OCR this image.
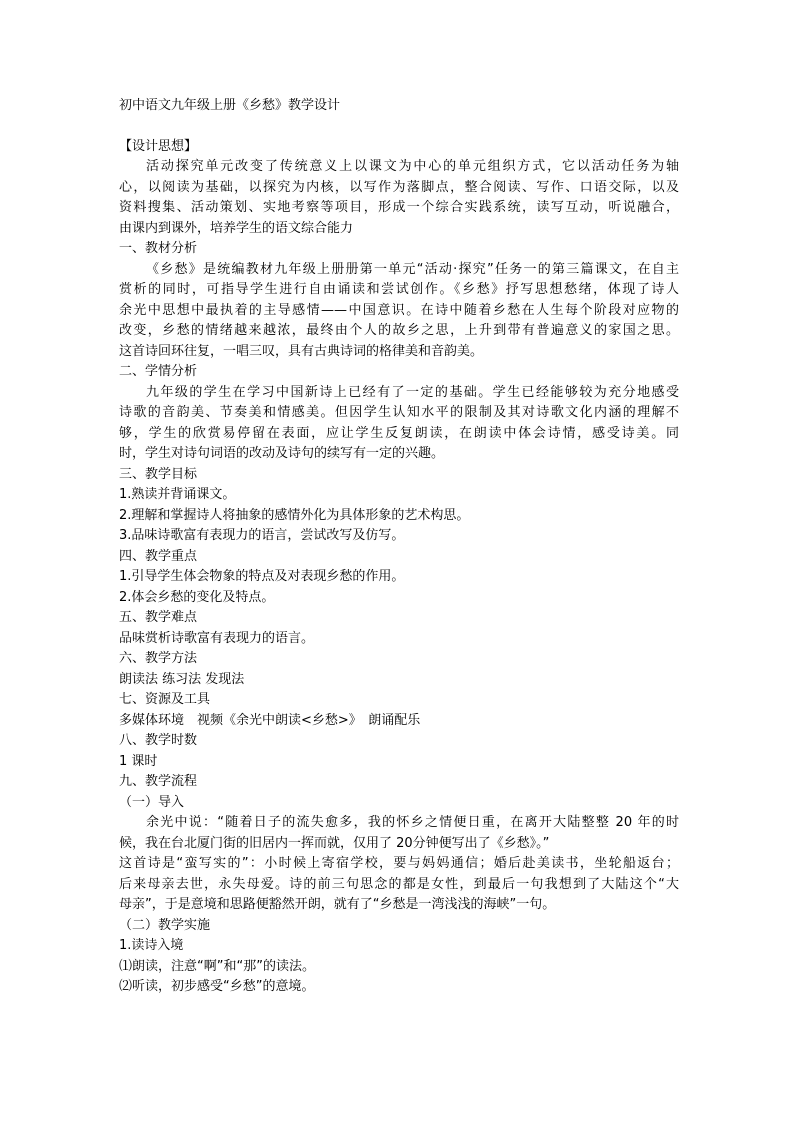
初中语文九年级上册《乡愁》教学设计
【设计思想】
活动探究单元改变了传统意义上以课文为中心的单元组织方式，它以活动任务为轴
心，以阅读为基础，以探究为内核，以写作为落脚点，整合阅读、写作、口语交际，以及
资料搜集、活动策划、实地考察等项目，形成一个综合实践系统，读写互动，听说融合，
由课内到课外，培养学生的语文综合能力
一、教材分析
《乡愁》是统编教材九年级上册册第一单元“活动·探究”任务一的第三篇课文，在自主
赏析的同时，可指导学生进行自由诵读和尝试创作。《乡愁》抒写思想愁绪，体现了诗人
余光中思想中最执着的主导感情——中国意识。在诗中随着乡愁在人生每个阶段对应物的
改变，乡愁的情绪越来越浓，最终由个人的故乡之思，上升到带有普遍意义的家国之思。
这首诗回环往复，一唱三叹，具有古典诗词的格律美和音韵美。
二、学情分析
九年级的学生在学习中国新诗上已经有了一定的基础。学生已经能够较为充分地感受
诗歌的音韵美、节奏美和情感美。但因学生认知水平的限制及其对诗歌文化内涵的理解不
够，学生的欣赏易停留在表面，应让学生反复朗读，在朗读中体会诗情，感受诗美。同
时，学生对诗句词语的改动及诗句的续写有一定的兴趣。
三、教学目标
1.熟读并背诵课文。
2.理解和掌握诗人将抽象的感情外化为具体形象的艺术构思。
3.品味诗歌富有表现力的语言，尝试改写及仿写。
四、教学重点
1.引导学生体会物象的特点及对表现乡愁的作用。
2.体会乡愁的变化及特点。
五、教学难点
品味赏析诗歌富有表现力的语言。
六、教学方法
朗读法 练习法 发现法
七、资源及工具
多媒体环境　视频《余光中朗读<乡愁>》　朗诵配乐
八、教学时数
1 课时
九、教学流程
（一）导入
余光中说：“随着日子的流失愈多，我的怀乡之情便日重，在离开大陆整整 20 年的时
候，我在台北厦门街的旧居内一挥而就，仅用了 20分钟便写出了《乡愁》。”
这首诗是“蛮写实的”：小时候上寄宿学校，要与妈妈通信；婚后赴美读书，坐轮船返台；
后来母亲去世，永失母爱。诗的前三句思念的都是女性，到最后一句我想到了大陆这个“大
母亲”，于是意境和思路便豁然开朗，就有了“乡愁是一湾浅浅的海峡”一句。
（二）教学实施
1.读诗入境
⑴朗读，注意“啊”和“那”的读法。
⑵听读，初步感受“乡愁”的意境。
